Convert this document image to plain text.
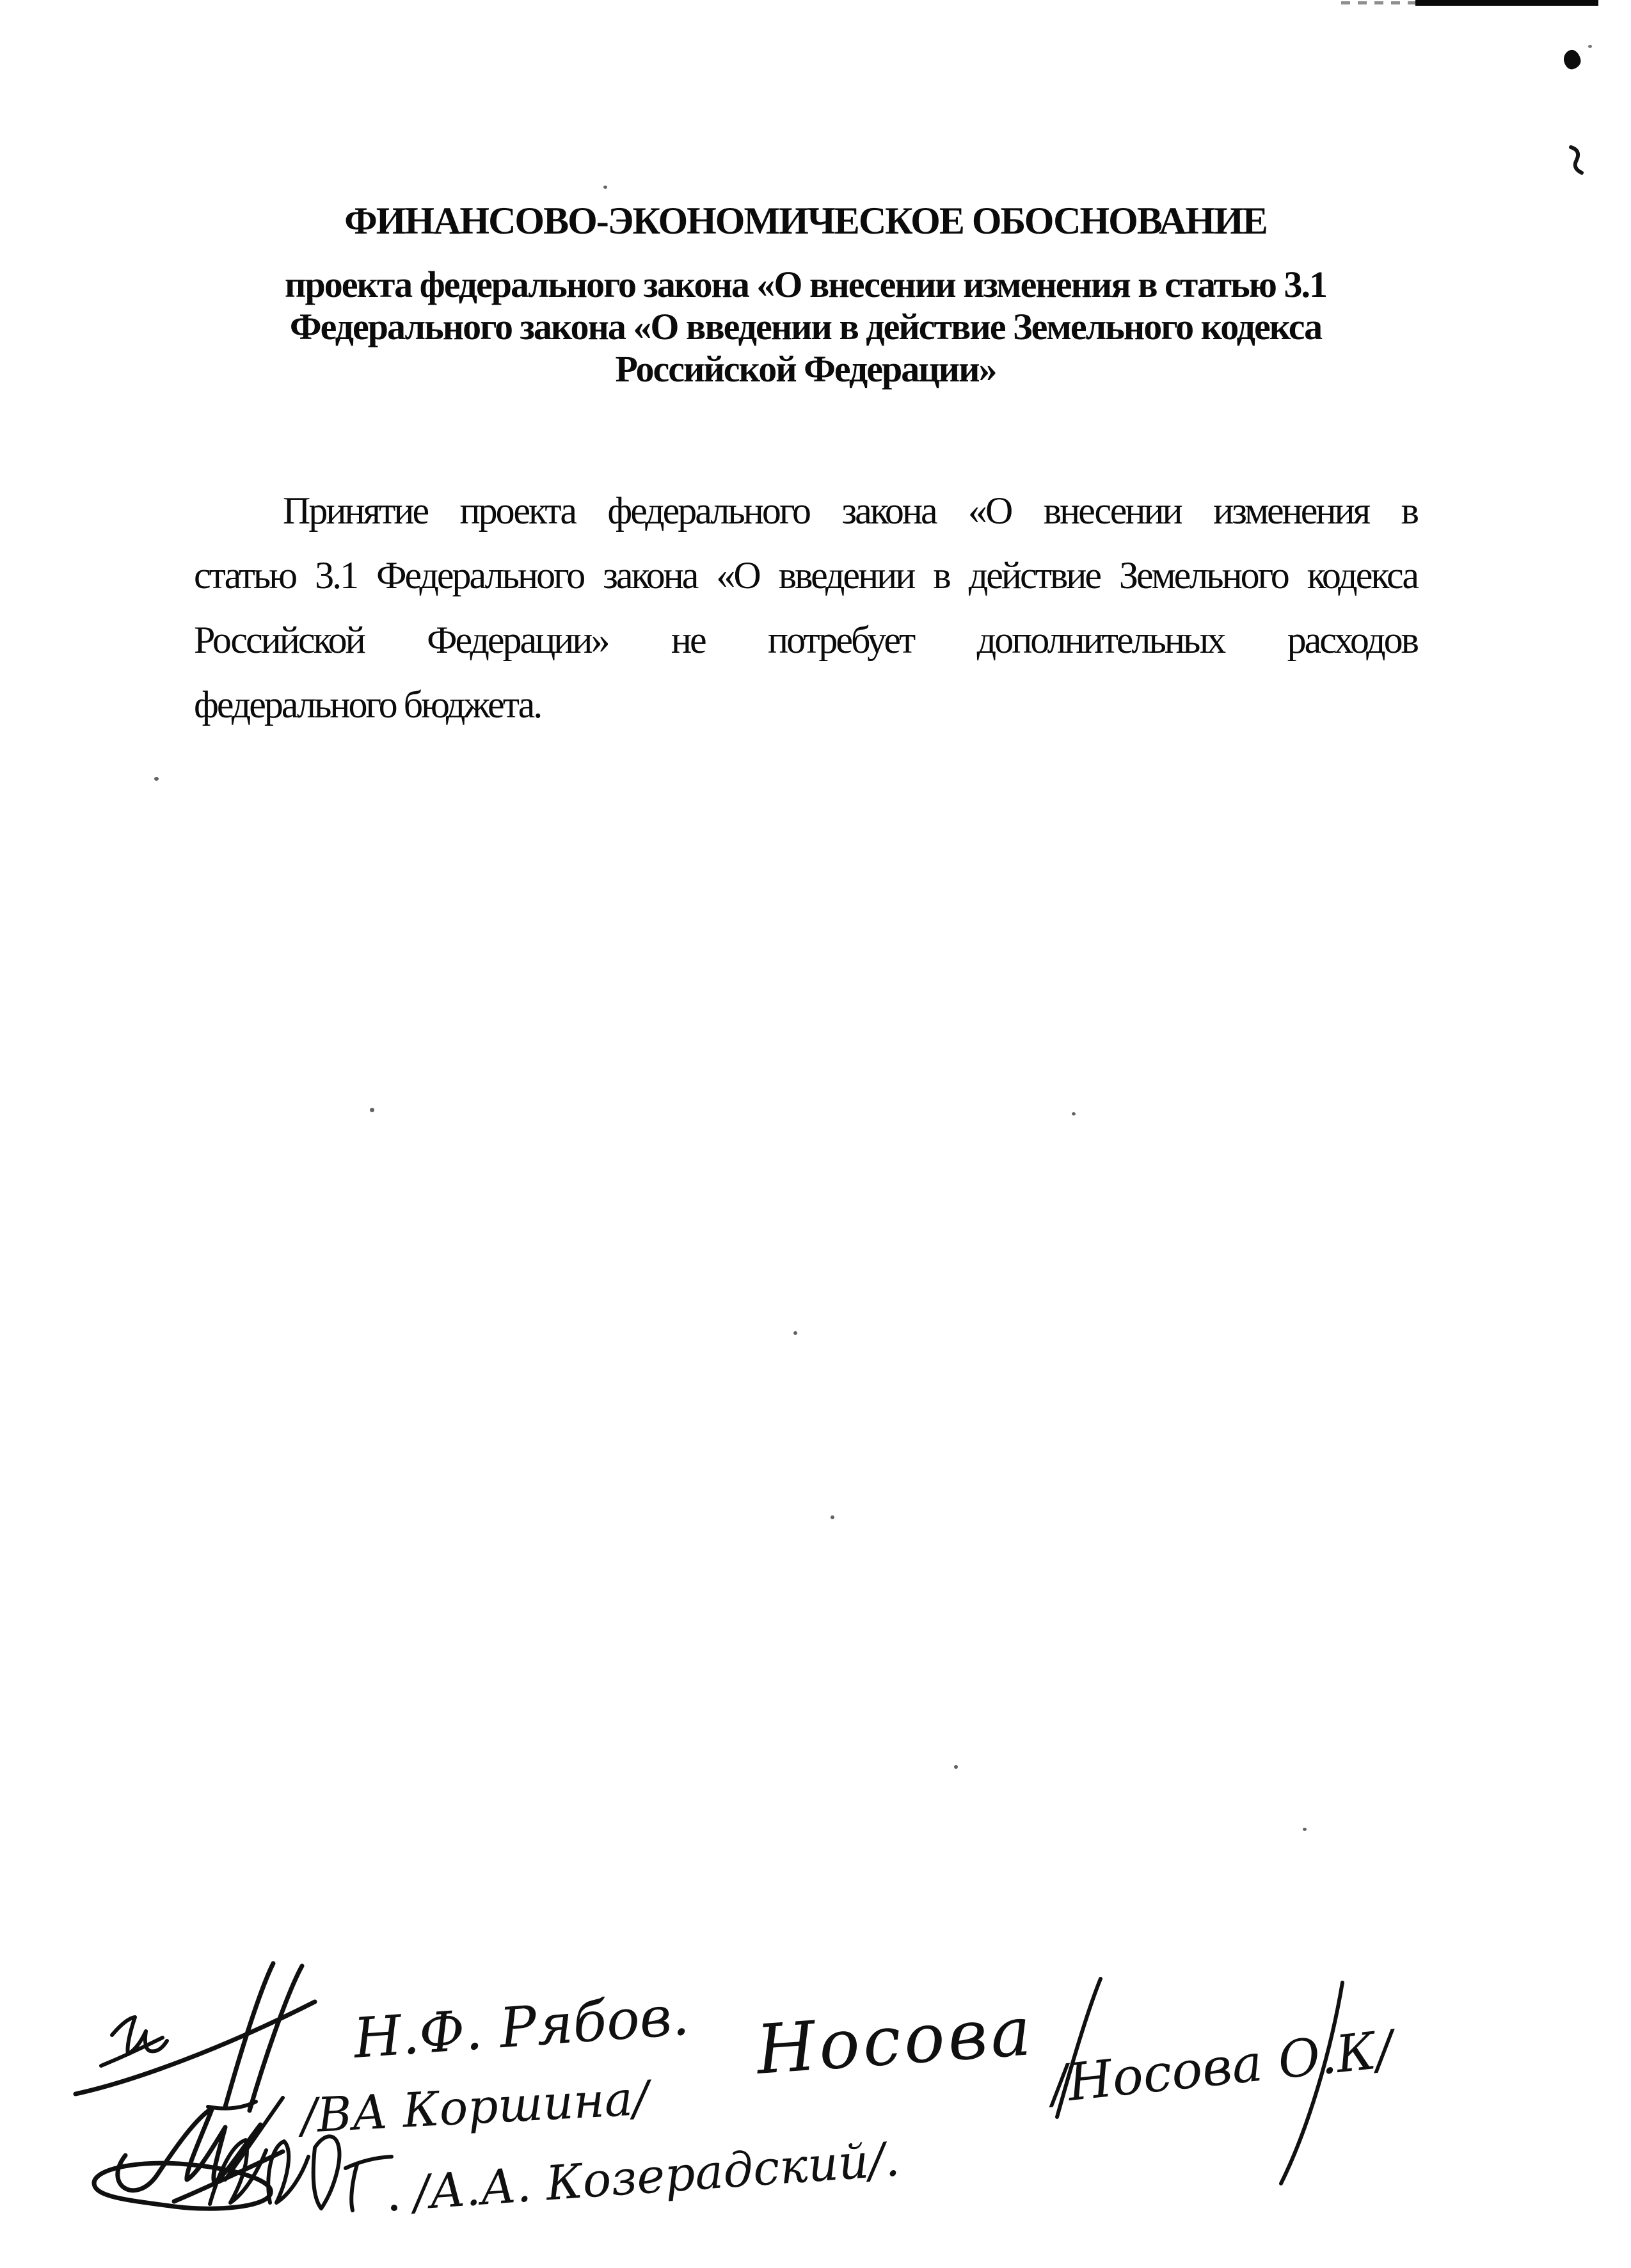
ФИНАНСОВО-ЭКОНОМИЧЕСКОЕ ОБОСНОВАНИЕ
проекта федерального закона «О внесении изменения в статью 3.1
Федерального закона «О введении в действие Земельного кодекса
Российской Федерации»
Принятие проекта федерального закона «О внесении изменения в
статью 3.1 Федерального закона «О введении в действие Земельного кодекса
Российской Федерации» не потребует дополнительных расходов
федерального бюджета.
Н.Ф. Рябов.
/ВА Коршина/
/А.А. Козерадский/.
Носова /Носова О.К/
